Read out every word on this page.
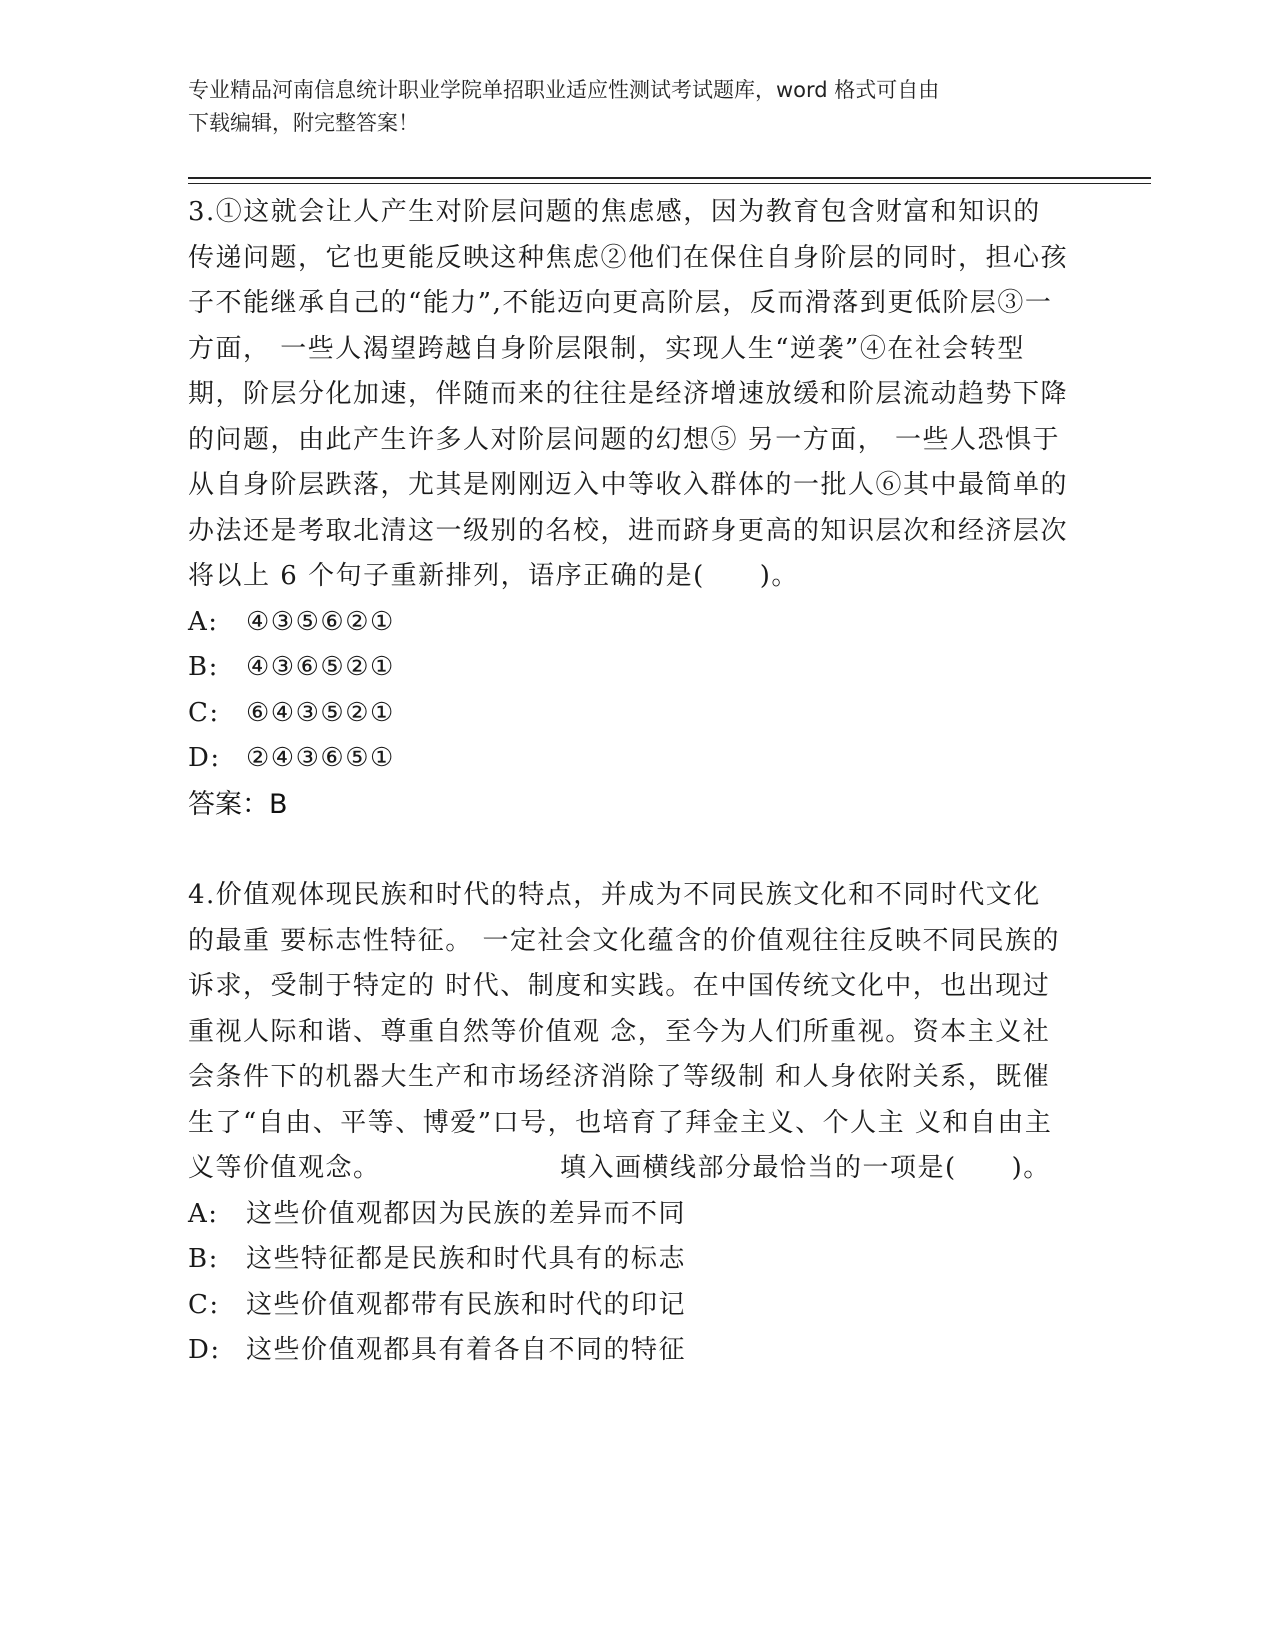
专业精品河南信息统计职业学院单招职业适应性测试考试题库，word 格式可自由
下载编辑，附完整答案！

3.①这就会让人产生对阶层问题的焦虑感，因为教育包含财富和知识的传递问题，它也更能反映这种焦虑②他们在保住自身阶层的同时，担心孩子不能继承自己的“能力”,不能迈向更高阶层，反而滑落到更低阶层③一方面， 一些人渴望跨越自身阶层限制，实现人生“逆袭”④在社会转型期，阶层分化加速，伴随而来的往往是经济增速放缓和阶层流动趋势下降的问题，由此产生许多人对阶层问题的幻想⑤ 另一方面， 一些人恐惧于从自身阶层跌落，尤其是刚刚迈入中等收入群体的一批人⑥其中最简单的办法还是考取北清这一级别的名校，进而跻身更高的知识层次和经济层次将以上 6 个句子重新排列，语序正确的是(　　)。

A:	④③⑤⑥②①
B:	④③⑥⑤②①
C:	⑥④③⑤②①
D: ②④③⑥⑤①

答案：B

4.价值观体现民族和时代的特点，并成为不同民族文化和不同时代文化的最重 要标志性特征。 一定社会文化蕴含的价值观往往反映不同民族的诉求，受制于特定的 时代、制度和实践。在中国传统文化中，也出现过重视人际和谐、尊重自然等价值观 念，至今为人们所重视。资本主义社会条件下的机器大生产和市场经济消除了等级制 和人身依附关系，既催生了“自由、平等、博爱”口号，也培育了拜金主义、个人主 义和自由主义等价值观念。　　　　　　　填入画横线部分最恰当的一项是(　　)。

A:	这些价值观都因为民族的差异而不同
B:	这些特征都是民族和时代具有的标志
C:	这些价值观都带有民族和时代的印记
D: 这些价值观都具有着各自不同的特征
